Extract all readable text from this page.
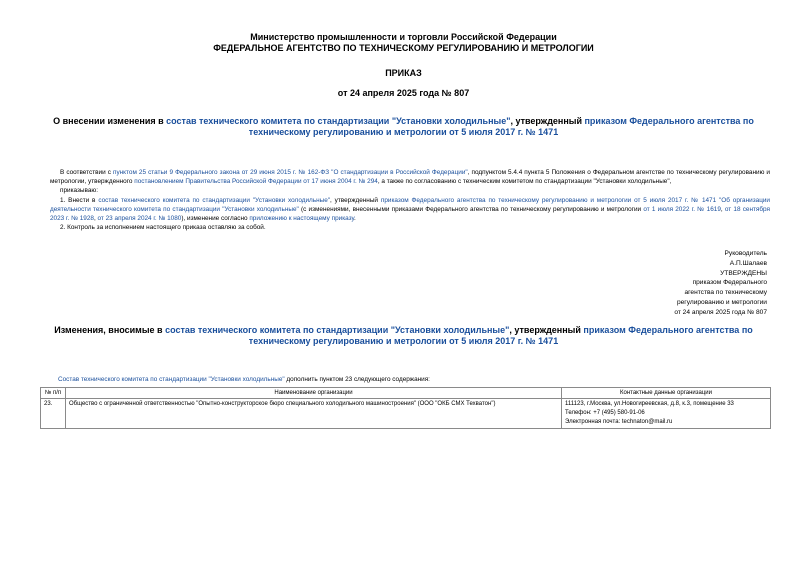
Министерство промышленности и торговли Российской Федерации
ФЕДЕРАЛЬНОЕ АГЕНТСТВО ПО ТЕХНИЧЕСКОМУ РЕГУЛИРОВАНИЮ И МЕТРОЛОГИИ
ПРИКАЗ
от 24 апреля 2025 года № 807
О внесении изменения в состав технического комитета по стандартизации "Установки холодильные", утвержденный приказом Федерального агентства по техническому регулированию и метрологии от 5 июля 2017 г. № 1471

В соответствии с пунктом 25 статьи 9 Федерального закона от 29 июня 2015 г. № 162-ФЗ "О стандартизации в Российской Федерации", подпунктом 5.4.4 пункта 5 Положения о Федеральном агентстве по техническому регулированию и метрологии, утвержденного постановлением Правительства Российской Федерации от 17 июня 2004 г. № 294, а также по согласованию с техническим комитетом по стандартизации "Установки холодильные",

приказываю:

1. Внести в состав технического комитета по стандартизации "Установки холодильные", утвержденный приказом Федерального агентства по техническому регулированию и метрологии от 5 июля 2017 г. № 1471 "Об организации деятельности технического комитета по стандартизации "Установки холодильные" (с изменениями, внесенными приказами Федерального агентства по техническому регулированию и метрологии от 1 июля 2022 г. № 1619, от 18 сентября 2023 г. № 1928, от 23 апреля 2024 г. № 1080), изменение согласно приложению к настоящему приказу.

2. Контроль за исполнением настоящего приказа оставляю за собой.

Руководитель
А.П.Шалаев
УТВЕРЖДЕНЫ
приказом Федерального
агентства по техническому
регулированию и метрологии
от 24 апреля 2025 года № 807
Изменения, вносимые в состав технического комитета по стандартизации "Установки холодильные", утвержденный приказом Федерального агентства по техническому регулированию и метрологии от 5 июля 2017 г. № 1471
Состав технического комитета по стандартизации "Установки холодильные" дополнить пунктом 23 следующего содержания:
№ п/п	Наименование организации	Контактные данные организации
23.	Общество с ограниченной ответственностью "Опытно-конструкторское бюро специального холодильного машиностроения" (ООО "ОКБ СМХ Техватон")	111123, г.Москва, ул.Новогиреевская, д.8, к.3, помещение 33
Телефон: +7 (495) 580-91-06
Электронная почта: technaton@mail.ru
